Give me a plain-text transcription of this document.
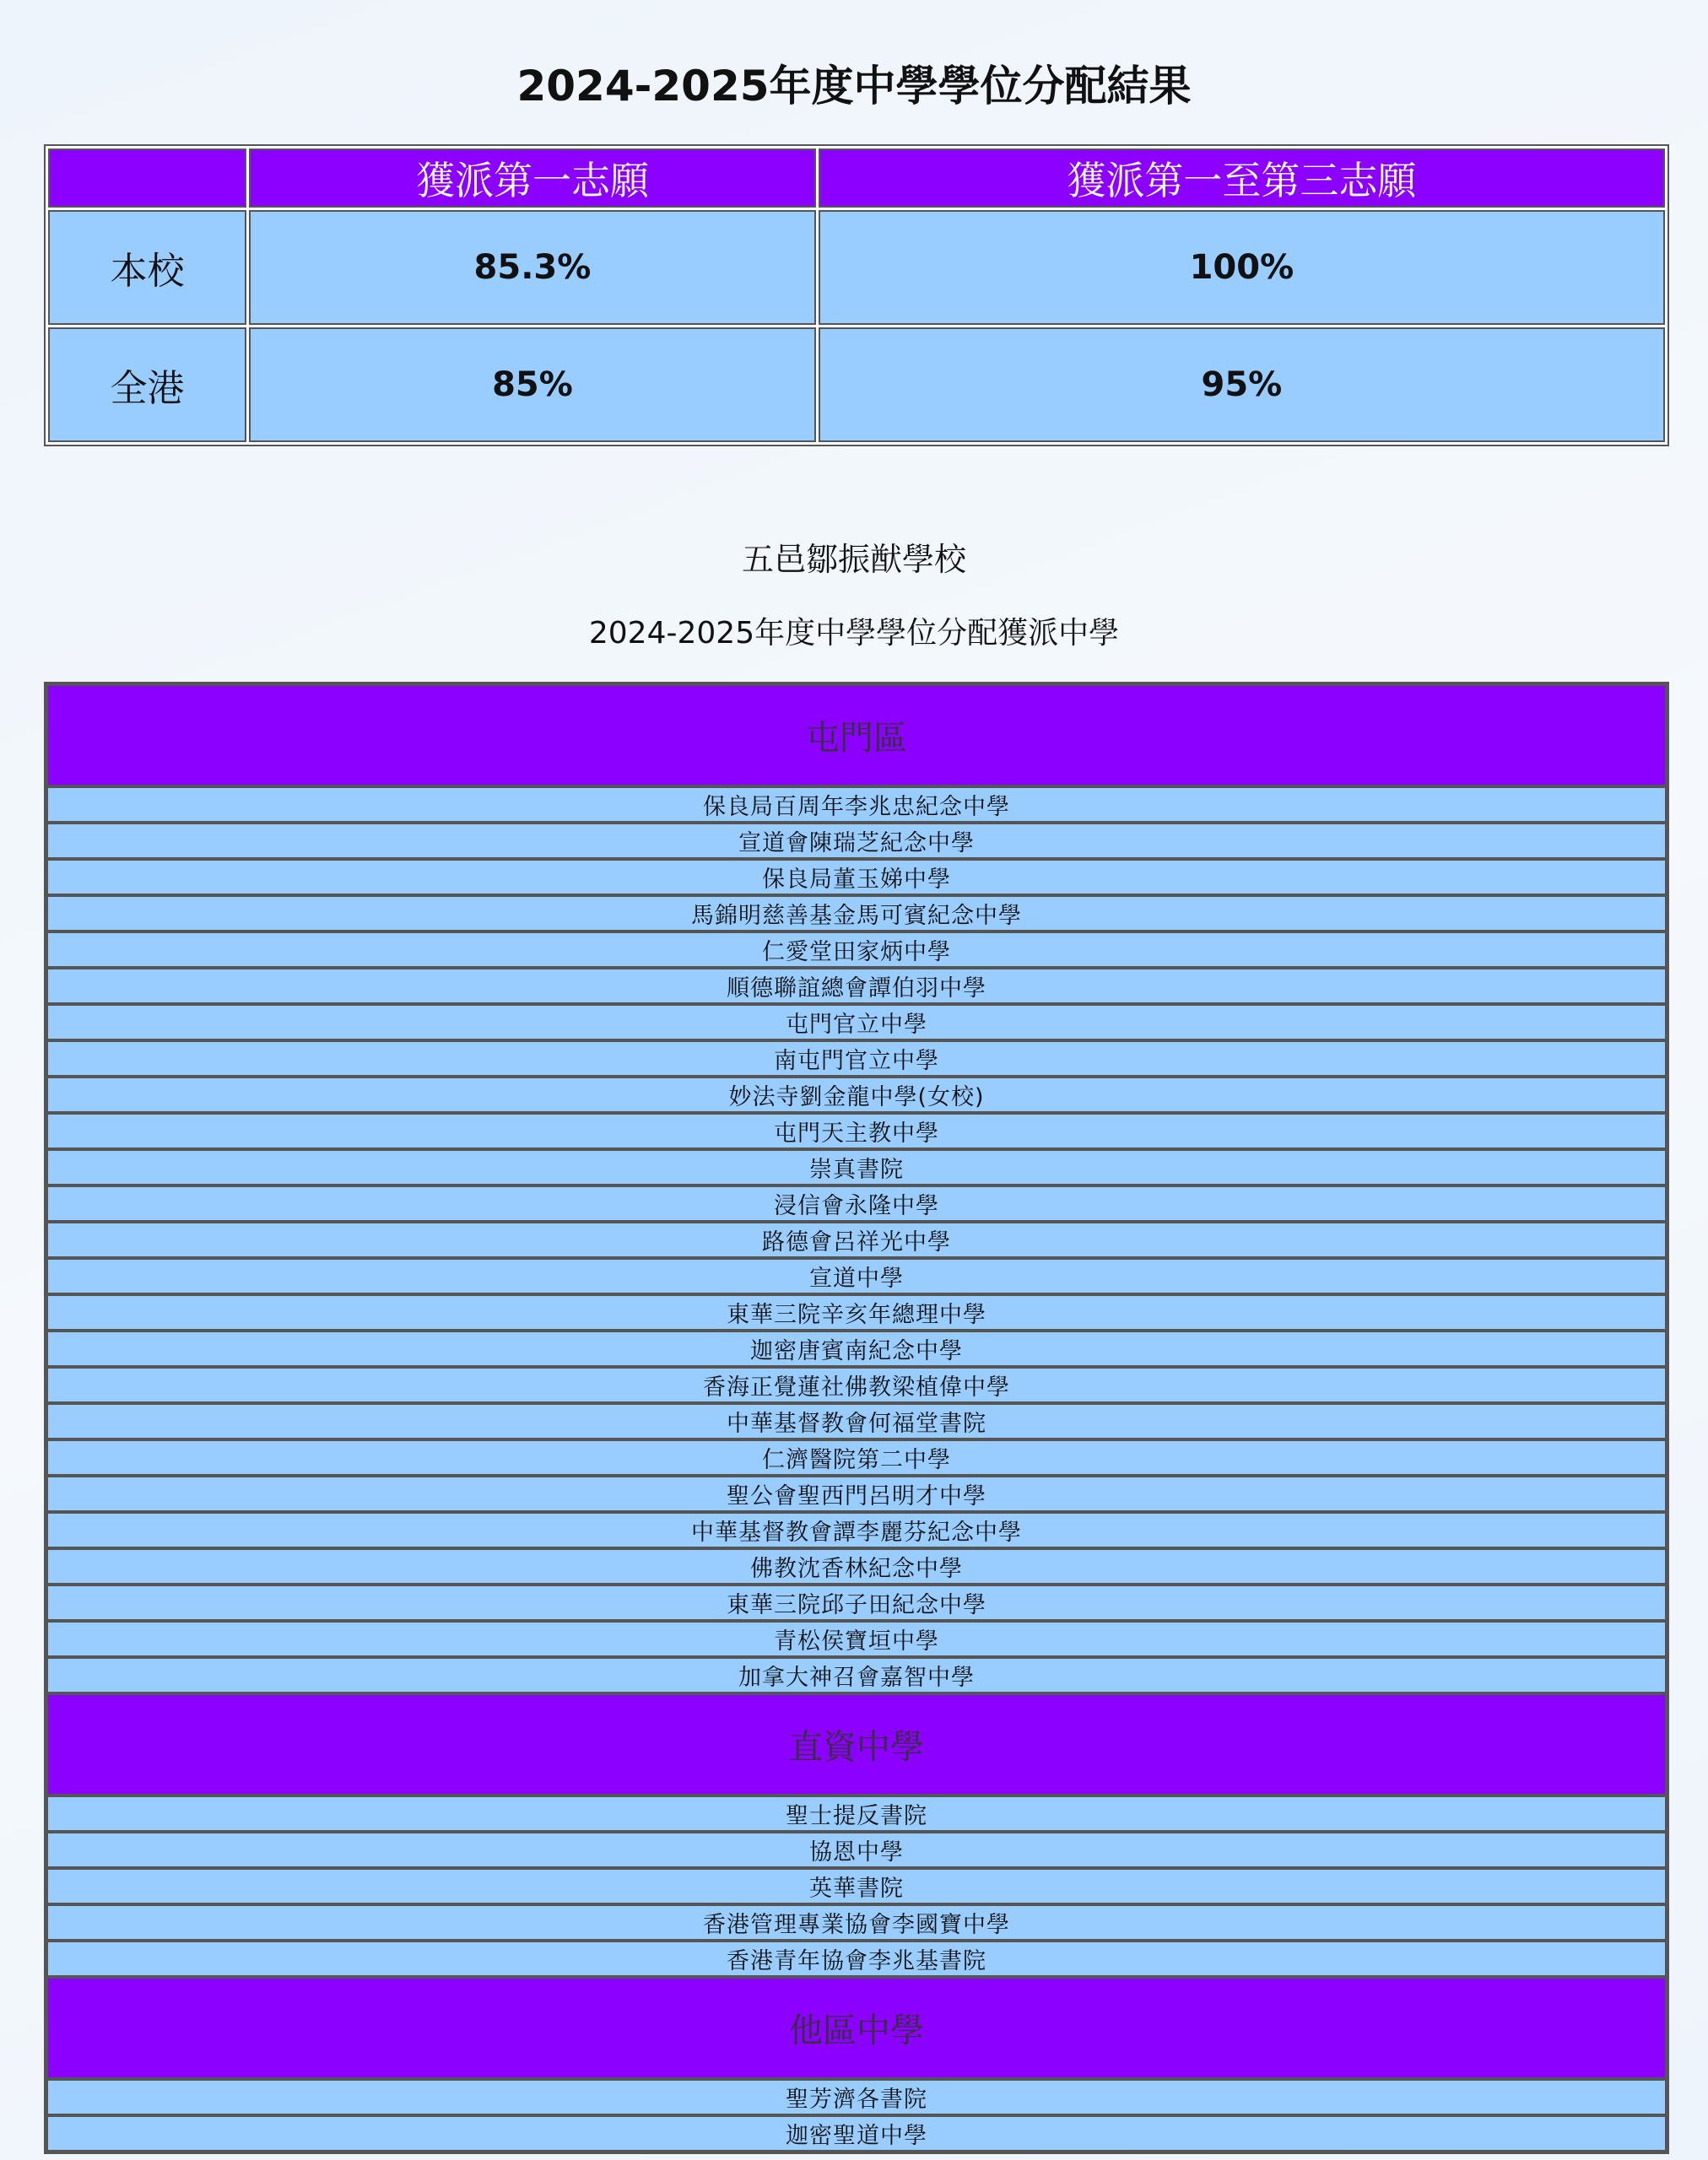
2024-2025年度中學學位分配結果
	獲派第一志願	獲派第一至第三志願
本校	85.3%	100%
全港	85%	95%
五邑鄒振猷學校
2024-2025年度中學學位分配獲派中學
屯門區
保良局百周年李兆忠紀念中學
宣道會陳瑞芝紀念中學
保良局董玉娣中學
馬錦明慈善基金馬可賓紀念中學
仁愛堂田家炳中學
順德聯誼總會譚伯羽中學
屯門官立中學
南屯門官立中學
妙法寺劉金龍中學(女校)
屯門天主教中學
崇真書院
浸信會永隆中學
路德會呂祥光中學
宣道中學
東華三院辛亥年總理中學
迦密唐賓南紀念中學
香海正覺蓮社佛教梁植偉中學
中華基督教會何福堂書院
仁濟醫院第二中學
聖公會聖西門呂明才中學
中華基督教會譚李麗芬紀念中學
佛教沈香林紀念中學
東華三院邱子田紀念中學
青松侯寶垣中學
加拿大神召會嘉智中學
直資中學
聖士提反書院
協恩中學
英華書院
香港管理專業協會李國寶中學
香港青年協會李兆基書院
他區中學
聖芳濟各書院
迦密聖道中學
